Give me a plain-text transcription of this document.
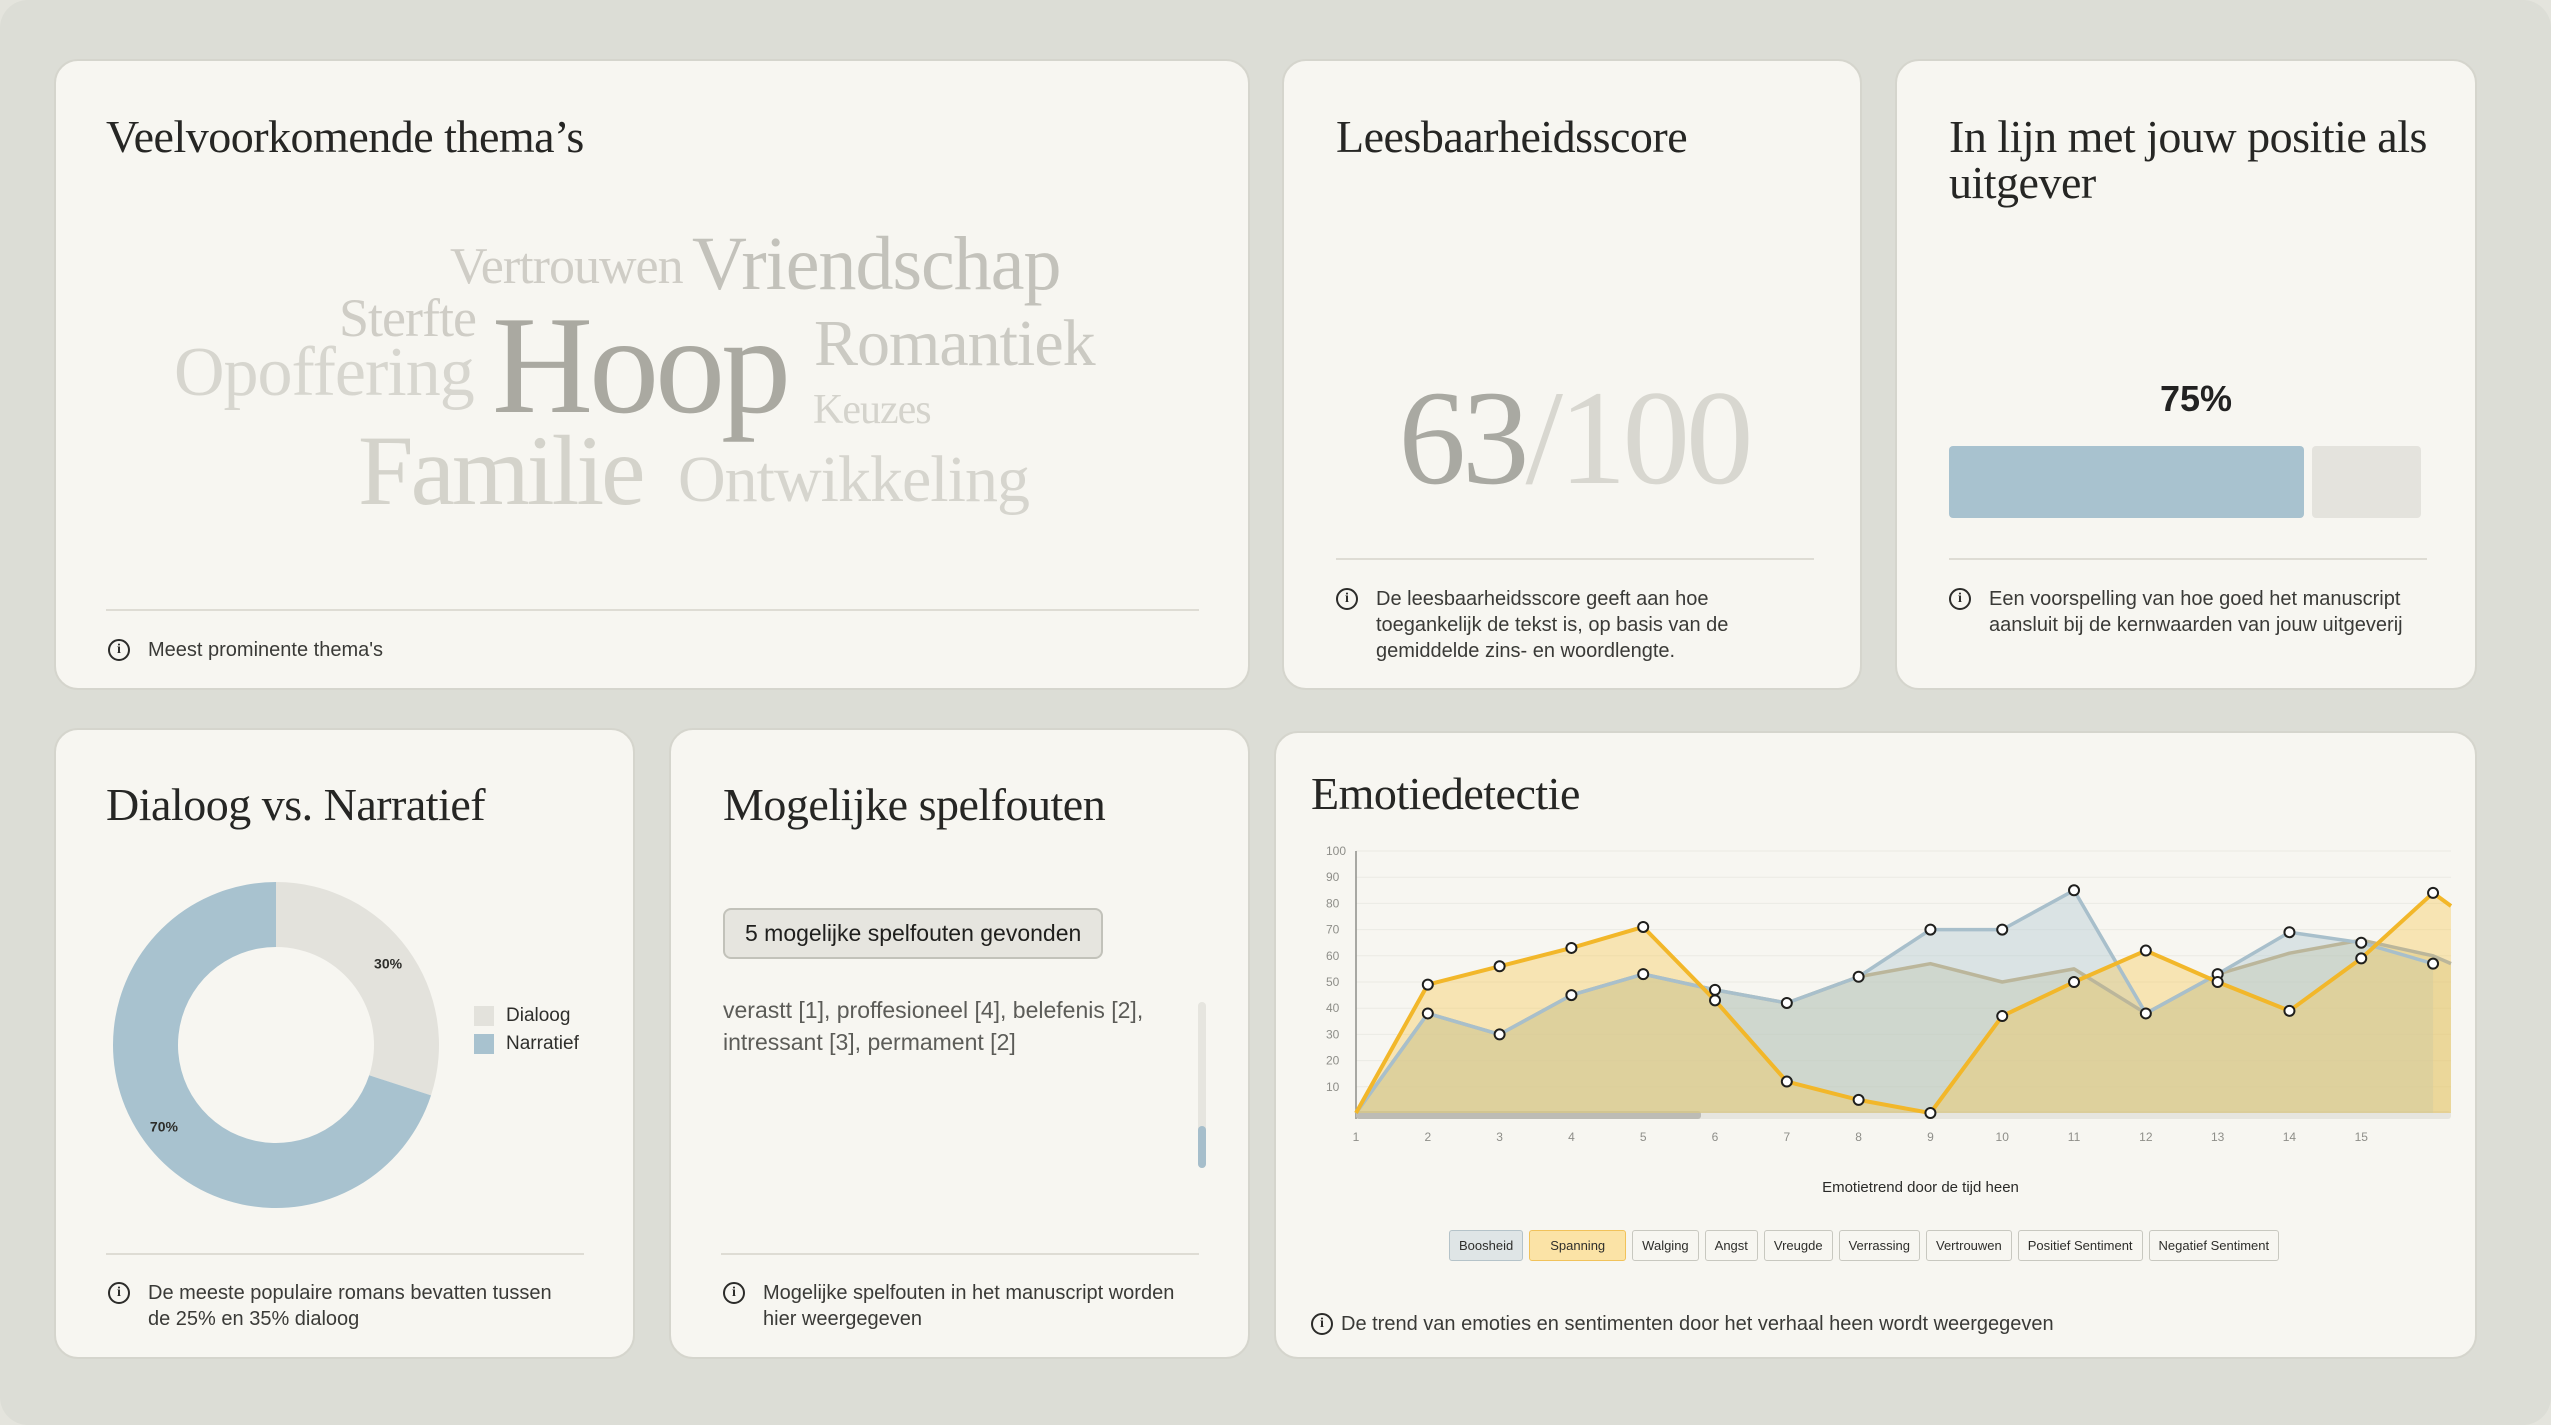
Veelvoorkomende thema’s
Vertrouwen Vriendschap
Sterfte
Opoffering Hoop Romantiek
Keuzes
Familie Ontwikkeling
i	Meest prominente thema's
Leesbaarheidsscore
63/100
i	De leesbaarheidsscore geeft aan hoe toegankelijk de tekst is, op basis van de gemiddelde zins- en woordlengte.
In lijn met jouw positie als uitgever
75%
i	Een voorspelling van hoe goed het manuscript aansluit bij de kernwaarden van jouw uitgeverij
Dialoog vs. Narratief
30%
70%
Dialoog
Narratief
i	De meeste populaire romans bevatten tussen de 25% en 35% dialoog
Mogelijke spelfouten
5 mogelijke spelfouten gevonden
verastt [1], proffesioneel [4], belefenis [2], intressant [3], permament [2]
i	Mogelijke spelfouten in het manuscript worden hier weergegeven
Emotiedetectie
10
20
30
40
50
60
70
80
90
100
1	2	3	4	5	6	7	8	9	10	11	12	13	14	15
Emotietrend door de tijd heen
Boosheid	Spanning	Walging	Angst	Vreugde	Verrassing	Vertrouwen	Positief Sentiment	Negatief Sentiment
i De trend van emoties en sentimenten door het verhaal heen wordt weergegeven
